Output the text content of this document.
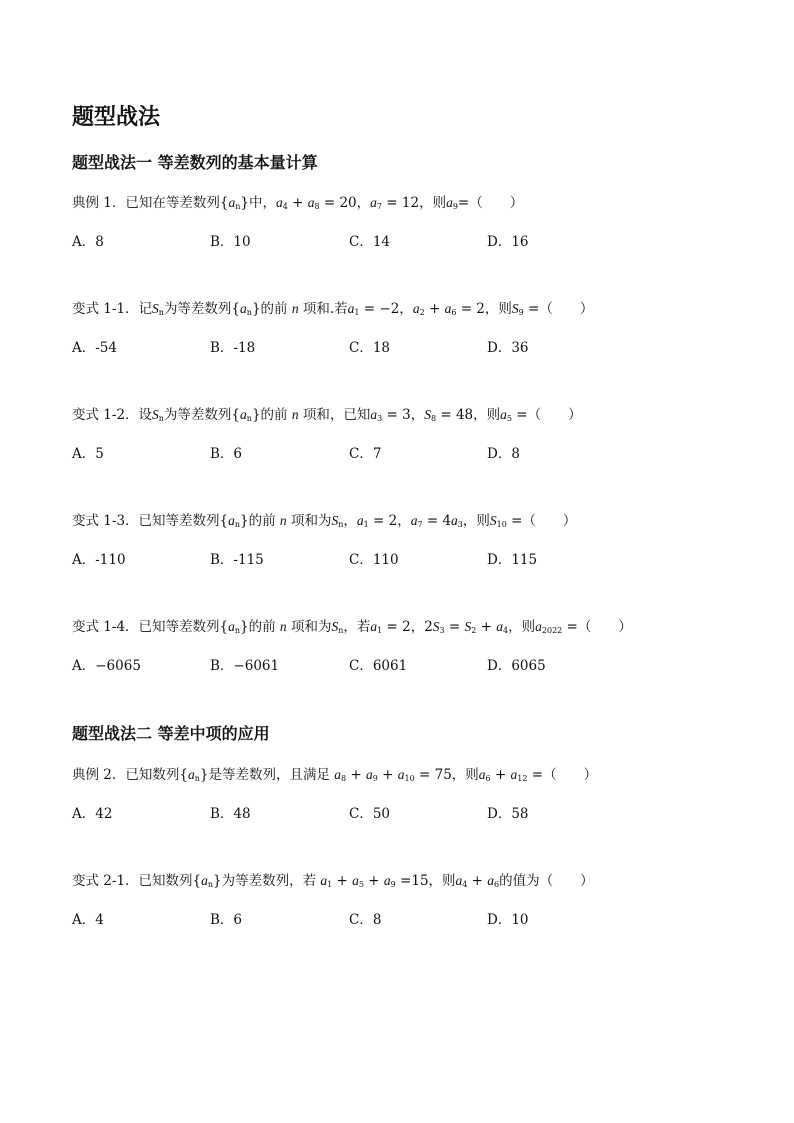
题型战法
题型战法一 等差数列的基本量计算
典例 1．已知在等差数列$\{a_n\}$中，$a_4 + a_8 = 20$，$a_7 = 12$，则$a_9=$（　　）
A．8	B．10	C．14	D．16
变式 1-1．记$S_n$为等差数列$\{a_n\}$的前 n 项和.若$a_1 = -2$，$a_2 + a_6 = 2$，则$S_9$ =（　　）
A．-54	B．-18	C．18	D．36
变式 1-2．设$S_n$为等差数列$\{a_n\}$的前 n 项和，已知$a_3 = 3$，$S_8 = 48$，则$a_5$ =（　　）
A．5	B．6	C．7	D．8
变式 1-3．已知等差数列$\{a_n\}$的前 n 项和为$S_n$，$a_1 = 2$，$a_7 = 4a_3$，则$S_{10}$ =（　　）
A．-110	B．-115	C．110	D．115
变式 1-4．已知等差数列$\{a_n\}$的前 n 项和为$S_n$，若$a_1 = 2$，$2S_3 = S_2 + a_4$，则$a_{2022}$ =（　　）
A．−6065	B．−6061	C．6061	D．6065
题型战法二 等差中项的应用
典例 2．已知数列$\{a_n\}$是等差数列，且满足 $a_8 + a_9 + a_{10} = 75$，则$a_6 + a_{12}$ =（　　）
A．42	B．48	C．50	D．58
变式 2-1．已知数列$\{a_n\}$为等差数列，若 $a_1 + a_5 + a_9 =15$，则$a_4 + a_6$的值为（　　）
A．4	B．6	C．8	D．10
